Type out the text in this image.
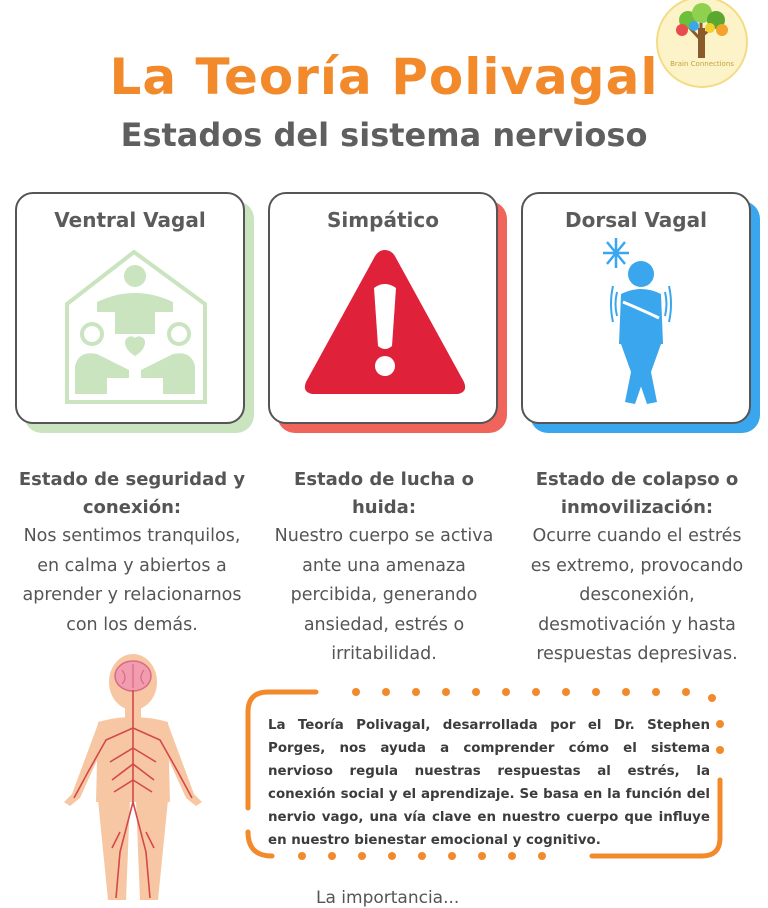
Brain Connections
La Teoría Polivagal
Estados del sistema nervioso
Ventral Vagal	Simpático	Dorsal Vagal
Estado de seguridad y
conexión:
Nos sentimos tranquilos,
en calma y abiertos a
aprender y relacionarnos
con los demás.
Estado de lucha o
huida:
Nuestro cuerpo se activa
ante una amenaza
percibida, generando
ansiedad, estrés o
irritabilidad.
Estado de colapso o
inmovilización:
Ocurre cuando el estrés
es extremo, provocando
desconexión,
desmotivación y hasta
respuestas depresivas.
La Teoría Polivagal, desarrollada por el Dr. Stephen Porges, nos ayuda a comprender cómo el sistema nervioso regula nuestras respuestas al estrés, la conexión social y el aprendizaje. Se basa en la función del nervio vago, una vía clave en nuestro cuerpo que influye en nuestro bienestar emocional y cognitivo.
La importancia...
